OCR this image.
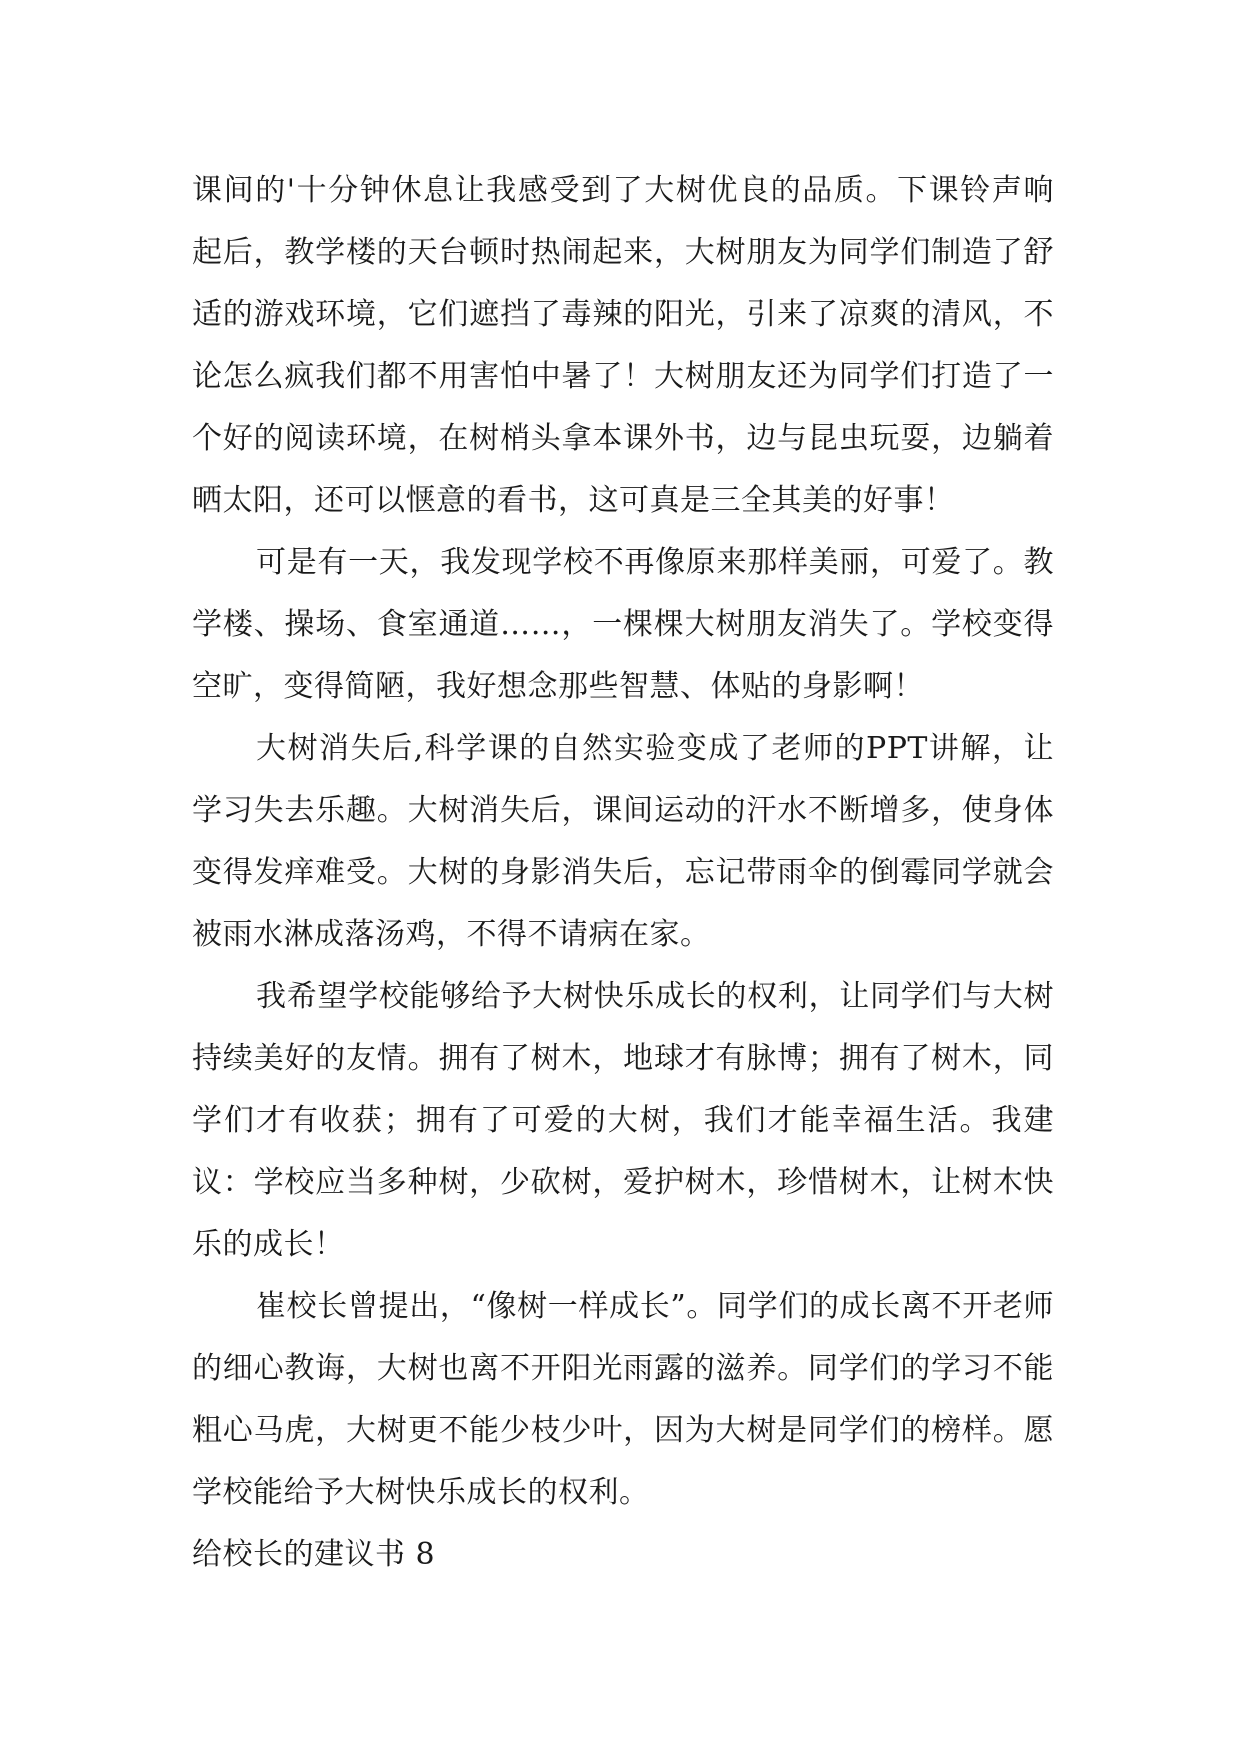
课间的'十分钟休息让我感受到了大树优良的品质。下课铃声响起后，教学楼的天台顿时热闹起来，大树朋友为同学们制造了舒适的游戏环境，它们遮挡了毒辣的阳光，引来了凉爽的清风，不论怎么疯我们都不用害怕中暑了！大树朋友还为同学们打造了一个好的阅读环境，在树梢头拿本课外书，边与昆虫玩耍，边躺着晒太阳，还可以惬意的看书，这可真是三全其美的好事！

可是有一天，我发现学校不再像原来那样美丽，可爱了。教学楼、操场、食室通道……，一棵棵大树朋友消失了。学校变得空旷，变得简陋，我好想念那些智慧、体贴的身影啊！

大树消失后,科学课的自然实验变成了老师的PPT讲解，让学习失去乐趣。大树消失后，课间运动的汗水不断增多，使身体变得发痒难受。大树的身影消失后，忘记带雨伞的倒霉同学就会被雨水淋成落汤鸡，不得不请病在家。

我希望学校能够给予大树快乐成长的权利，让同学们与大树持续美好的友情。拥有了树木，地球才有脉博；拥有了树木，同学们才有收获；拥有了可爱的大树，我们才能幸福生活。我建议：学校应当多种树，少砍树，爱护树木，珍惜树木，让树木快乐的成长！

崔校长曾提出，“像树一样成长”。同学们的成长离不开老师的细心教诲，大树也离不开阳光雨露的滋养。同学们的学习不能粗心马虎，大树更不能少枝少叶，因为大树是同学们的榜样。愿学校能给予大树快乐成长的权利。

给校长的建议书 8
